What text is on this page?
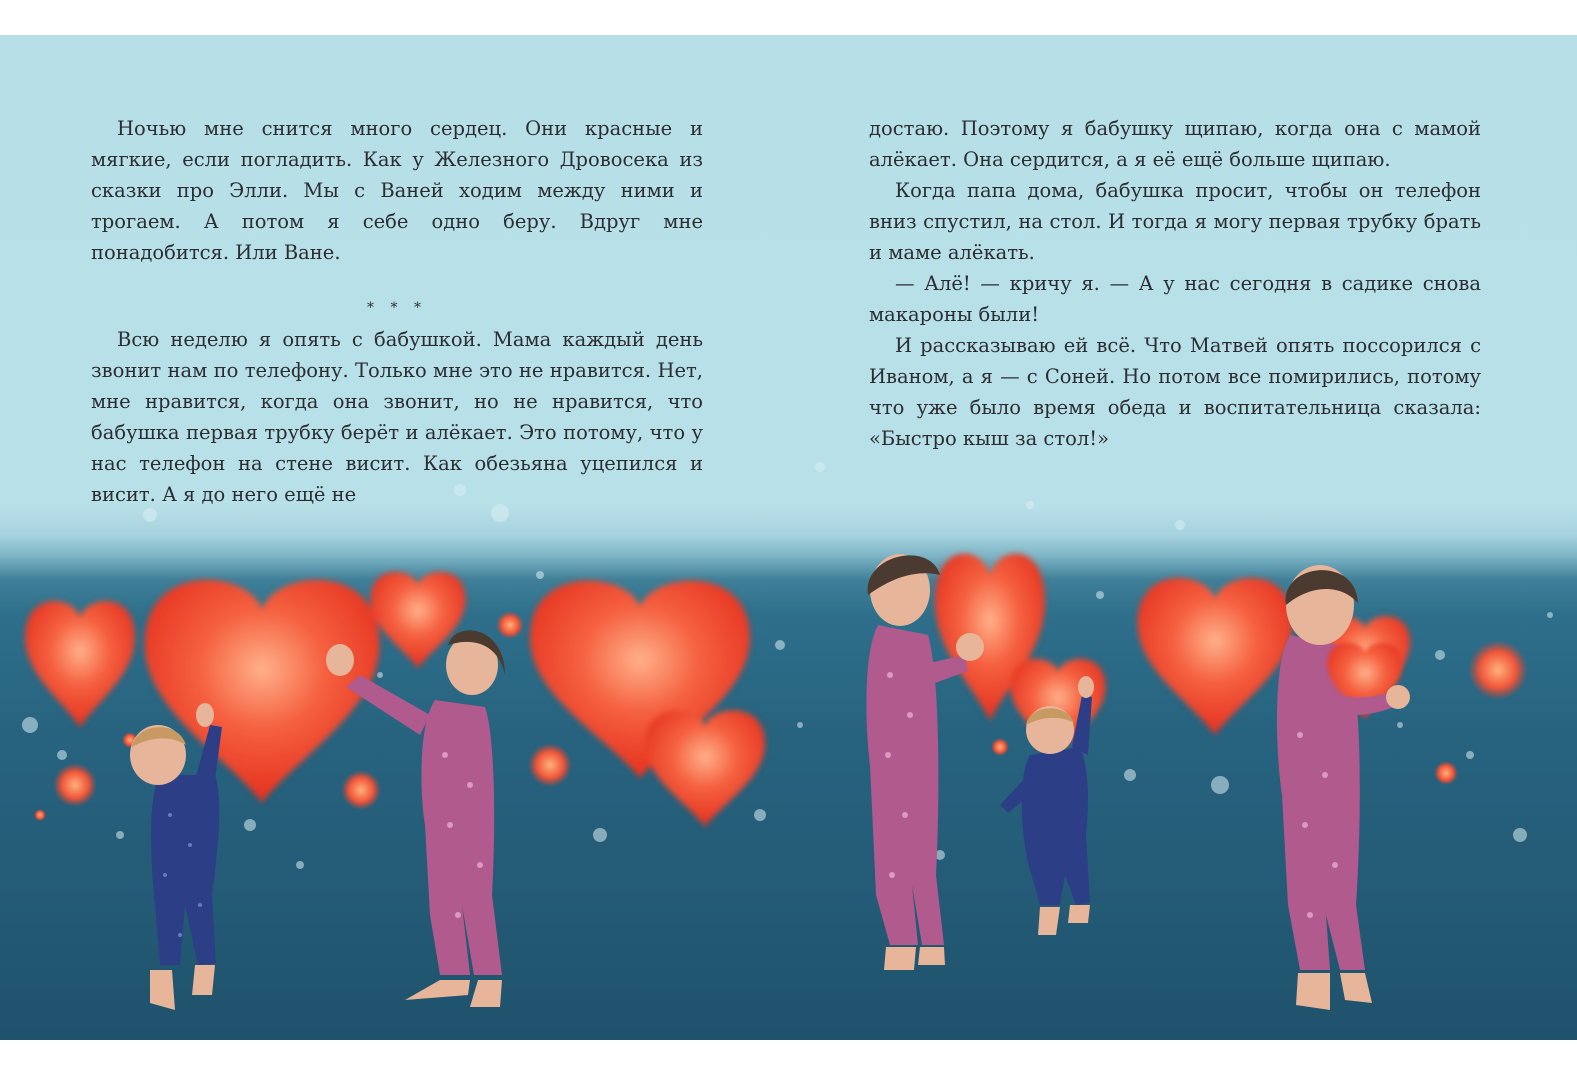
Ночью мне снится много сердец. Они красные и мягкие, если погладить. Как у Железного Дровосека из сказки про Элли. Мы с Ваней ходим между ними и трогаем. А потом я себе одно беру. Вдруг мне понадобится. Или Ване.

* * *

Всю неделю я опять с бабушкой. Мама каждый день звонит нам по телефону. Только мне это не нравится. Нет, мне нравится, когда она звонит, но не нравится, что бабушка первая трубку берёт и алёкает. Это потому, что у нас телефон на стене висит. Как обезьяна уцепился и висит. А я до него ещё не

достаю. Поэтому я бабушку щипаю, когда она с мамой алёкает. Она сердится, а я её ещё больше щипаю.

Когда папа дома, бабушка просит, чтобы он телефон вниз спустил, на стол. И тогда я могу первая трубку брать и маме алёкать.

— Алё! — кричу я. — А у нас сегодня в садике снова макароны были!

И рассказываю ей всё. Что Матвей опять поссорился с Иваном, а я — с Соней. Но потом все помирились, потому что уже было время обеда и воспитательница сказала: «Быстро кыш за стол!»
